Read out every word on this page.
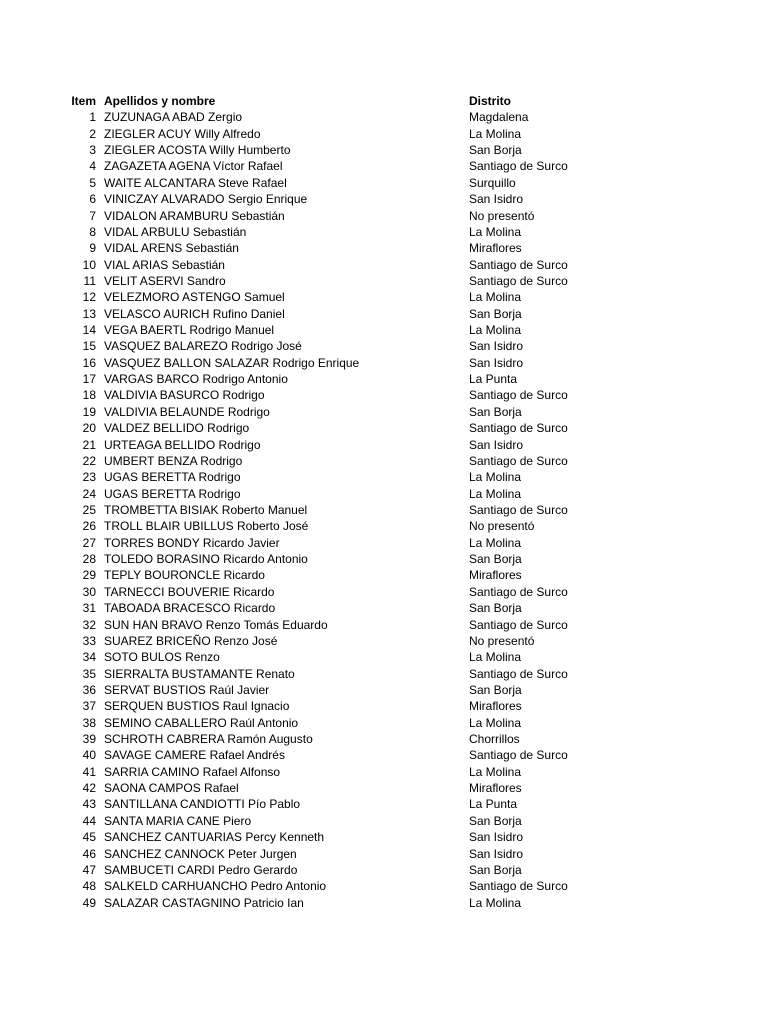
Item	Apellidos y nombre	Distrito
1	ZUZUNAGA ABAD Zergio	Magdalena
2	ZIEGLER ACUY Willy Alfredo	La Molina
3	ZIEGLER ACOSTA Willy Humberto	San Borja
4	ZAGAZETA AGENA Víctor Rafael	Santiago de Surco
5	WAITE ALCANTARA Steve Rafael	Surquillo
6	VINICZAY ALVARADO Sergio Enrique	San Isidro
7	VIDALON ARAMBURU Sebastián	No presentó
8	VIDAL ARBULU Sebastián	La Molina
9	VIDAL ARENS Sebastián	Miraflores
10	VIAL ARIAS Sebastián	Santiago de Surco
11	VELIT ASERVI Sandro	Santiago de Surco
12	VELEZMORO ASTENGO Samuel	La Molina
13	VELASCO AURICH Rufino Daniel	San Borja
14	VEGA BAERTL Rodrigo Manuel	La Molina
15	VASQUEZ BALAREZO Rodrigo José	San Isidro
16	VASQUEZ BALLON SALAZAR Rodrigo Enrique	San Isidro
17	VARGAS BARCO Rodrigo Antonio	La Punta
18	VALDIVIA BASURCO Rodrigo	Santiago de Surco
19	VALDIVIA BELAUNDE Rodrigo	San Borja
20	VALDEZ BELLIDO Rodrigo	Santiago de Surco
21	URTEAGA BELLIDO Rodrigo	San Isidro
22	UMBERT BENZA Rodrigo	Santiago de Surco
23	UGAS BERETTA Rodrigo	La Molina
24	UGAS BERETTA Rodrigo	La Molina
25	TROMBETTA BISIAK Roberto Manuel	Santiago de Surco
26	TROLL BLAIR UBILLUS Roberto José	No presentó
27	TORRES BONDY Ricardo Javier	La Molina
28	TOLEDO BORASINO Ricardo Antonio	San Borja
29	TEPLY BOURONCLE Ricardo	Miraflores
30	TARNECCI BOUVERIE Ricardo	Santiago de Surco
31	TABOADA BRACESCO Ricardo	San Borja
32	SUN HAN BRAVO Renzo Tomás Eduardo	Santiago de Surco
33	SUAREZ BRICEÑO Renzo José	No presentó
34	SOTO BULOS Renzo	La Molina
35	SIERRALTA BUSTAMANTE Renato	Santiago de Surco
36	SERVAT BUSTIOS Raúl Javier	San Borja
37	SERQUEN BUSTIOS Raul Ignacio	Miraflores
38	SEMINO CABALLERO Raúl Antonio	La Molina
39	SCHROTH CABRERA Ramón Augusto	Chorrillos
40	SAVAGE CAMERE Rafael Andrés	Santiago de Surco
41	SARRIA CAMINO Rafael Alfonso	La Molina
42	SAONA CAMPOS Rafael	Miraflores
43	SANTILLANA CANDIOTTI Pío Pablo	La Punta
44	SANTA MARIA CANE Piero	San Borja
45	SANCHEZ CANTUARIAS Percy Kenneth	San Isidro
46	SANCHEZ CANNOCK Peter Jurgen	San Isidro
47	SAMBUCETI CARDI Pedro Gerardo	San Borja
48	SALKELD CARHUANCHO Pedro Antonio	Santiago de Surco
49	SALAZAR CASTAGNINO Patricio Ian	La Molina
